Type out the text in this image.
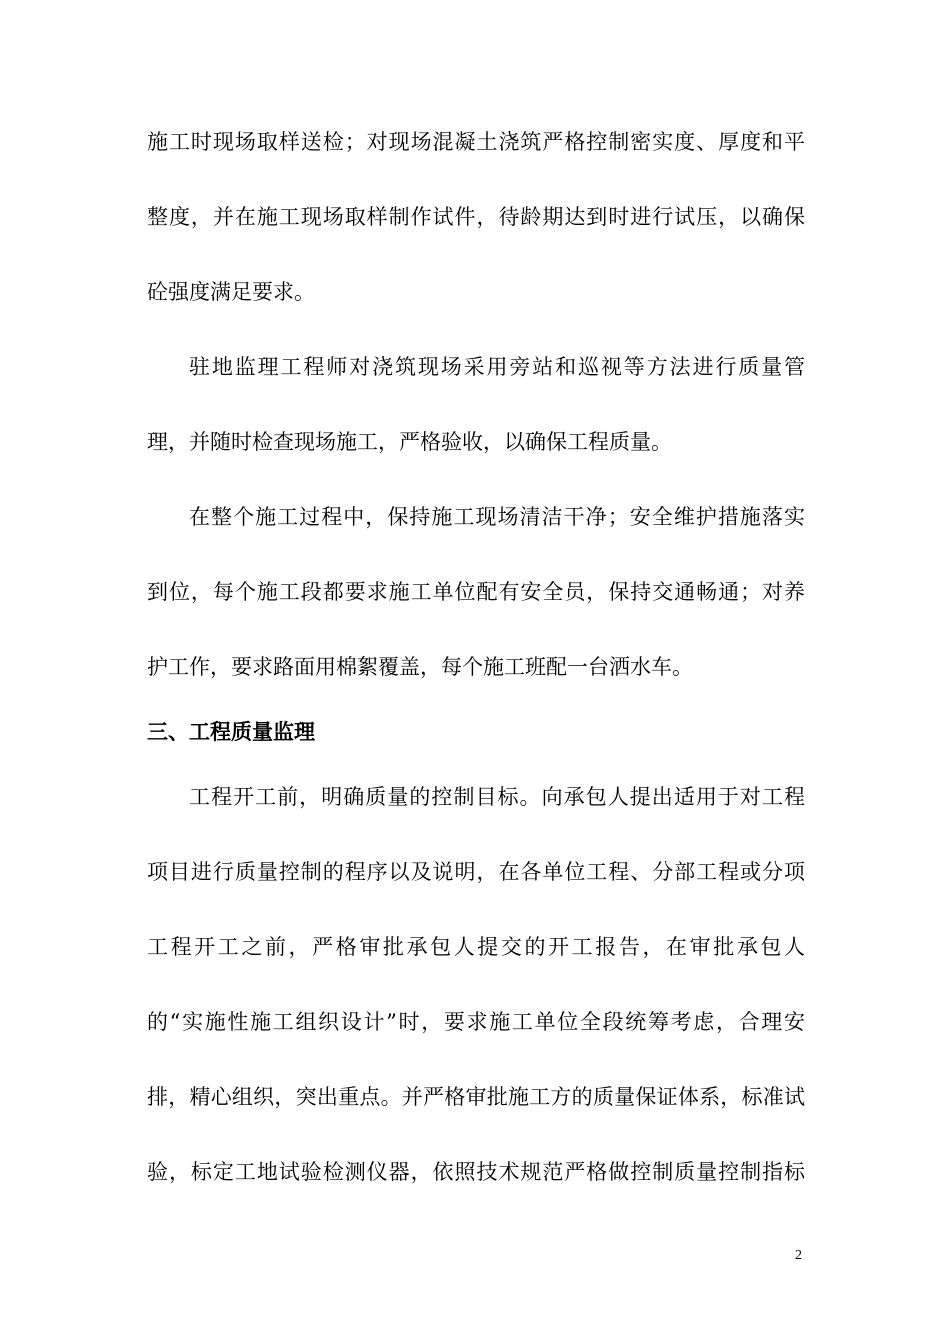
施工时现场取样送检；对现场混凝土浇筑严格控制密实度、厚度和平
整度，并在施工现场取样制作试件，待龄期达到时进行试压，以确保
砼强度满足要求。
驻地监理工程师对浇筑现场采用旁站和巡视等方法进行质量管
理，并随时检查现场施工，严格验收，以确保工程质量。
在整个施工过程中，保持施工现场清洁干净；安全维护措施落实
到位，每个施工段都要求施工单位配有安全员，保持交通畅通；对养
护工作，要求路面用棉絮覆盖，每个施工班配一台洒水车。
三、工程质量监理
工程开工前，明确质量的控制目标。向承包人提出适用于对工程
项目进行质量控制的程序以及说明，在各单位工程、分部工程或分项
工程开工之前，严格审批承包人提交的开工报告，在审批承包人
的“实施性施工组织设计”时，要求施工单位全段统筹考虑，合理安
排，精心组织，突出重点。并严格审批施工方的质量保证体系，标准试
验，标定工地试验检测仪器，依照技术规范严格做控制质量控制指标
2
